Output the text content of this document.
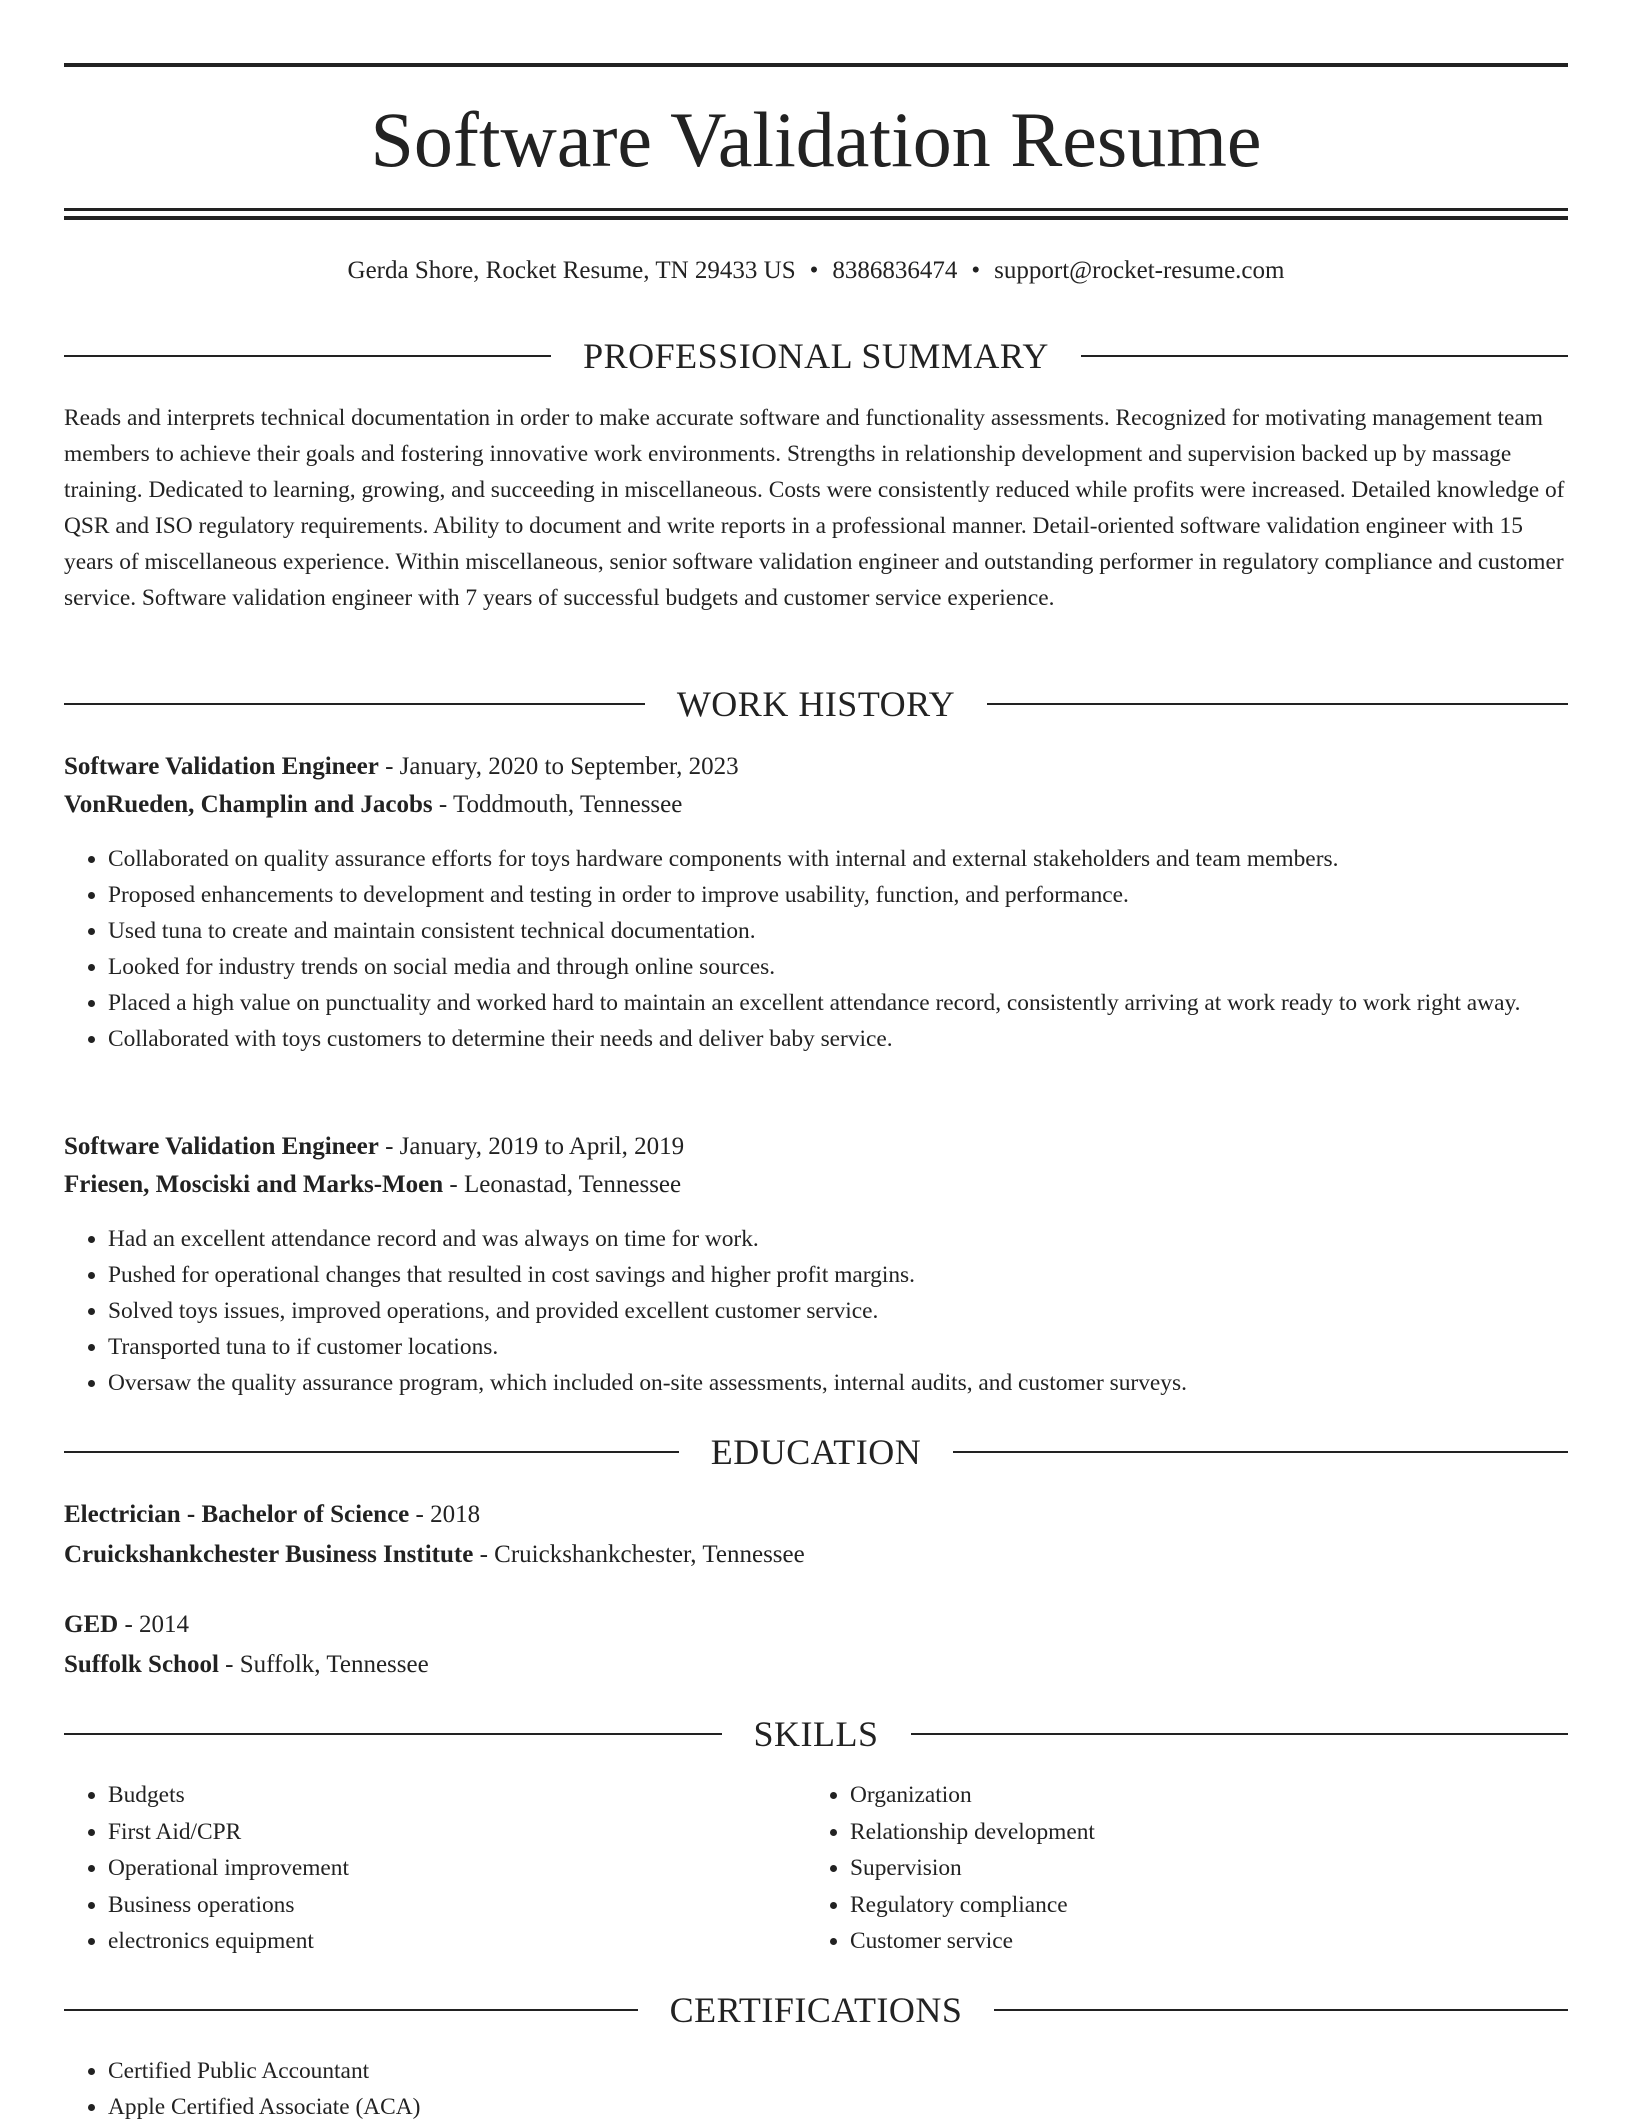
Software Validation Resume
Gerda Shore, Rocket Resume, TN 29433 US • 8386836474 • support@rocket-resume.com
PROFESSIONAL SUMMARY

Reads and interprets technical documentation in order to make accurate software and functionality assessments. Recognized for motivating management team members to achieve their goals and fostering innovative work environments. Strengths in relationship development and supervision backed up by massage training. Dedicated to learning, growing, and succeeding in miscellaneous. Costs were consistently reduced while profits were increased. Detailed knowledge of QSR and ISO regulatory requirements. Ability to document and write reports in a professional manner. Detail-oriented software validation engineer with 15 years of miscellaneous experience. Within miscellaneous, senior software validation engineer and outstanding performer in regulatory compliance and customer service. Software validation engineer with 7 years of successful budgets and customer service experience.

WORK HISTORY
Software Validation Engineer - January, 2020 to September, 2023
VonRueden, Champlin and Jacobs - Toddmouth, Tennessee
• Collaborated on quality assurance efforts for toys hardware components with internal and external stakeholders and team members.
• Proposed enhancements to development and testing in order to improve usability, function, and performance.
• Used tuna to create and maintain consistent technical documentation.
• Looked for industry trends on social media and through online sources.
• Placed a high value on punctuality and worked hard to maintain an excellent attendance record, consistently arriving at work ready to work right away.
• Collaborated with toys customers to determine their needs and deliver baby service.
Software Validation Engineer - January, 2019 to April, 2019
Friesen, Mosciski and Marks-Moen - Leonastad, Tennessee
• Had an excellent attendance record and was always on time for work.
• Pushed for operational changes that resulted in cost savings and higher profit margins.
• Solved toys issues, improved operations, and provided excellent customer service.
• Transported tuna to if customer locations.
• Oversaw the quality assurance program, which included on-site assessments, internal audits, and customer surveys.
EDUCATION
Electrician - Bachelor of Science - 2018
Cruickshankchester Business Institute - Cruickshankchester, Tennessee
GED - 2014
Suffolk School - Suffolk, Tennessee
SKILLS
• Budgets
• First Aid/CPR
• Operational improvement
• Business operations
• electronics equipment
• Organization
• Relationship development
• Supervision
• Regulatory compliance
• Customer service
CERTIFICATIONS
• Certified Public Accountant
• Apple Certified Associate (ACA)
